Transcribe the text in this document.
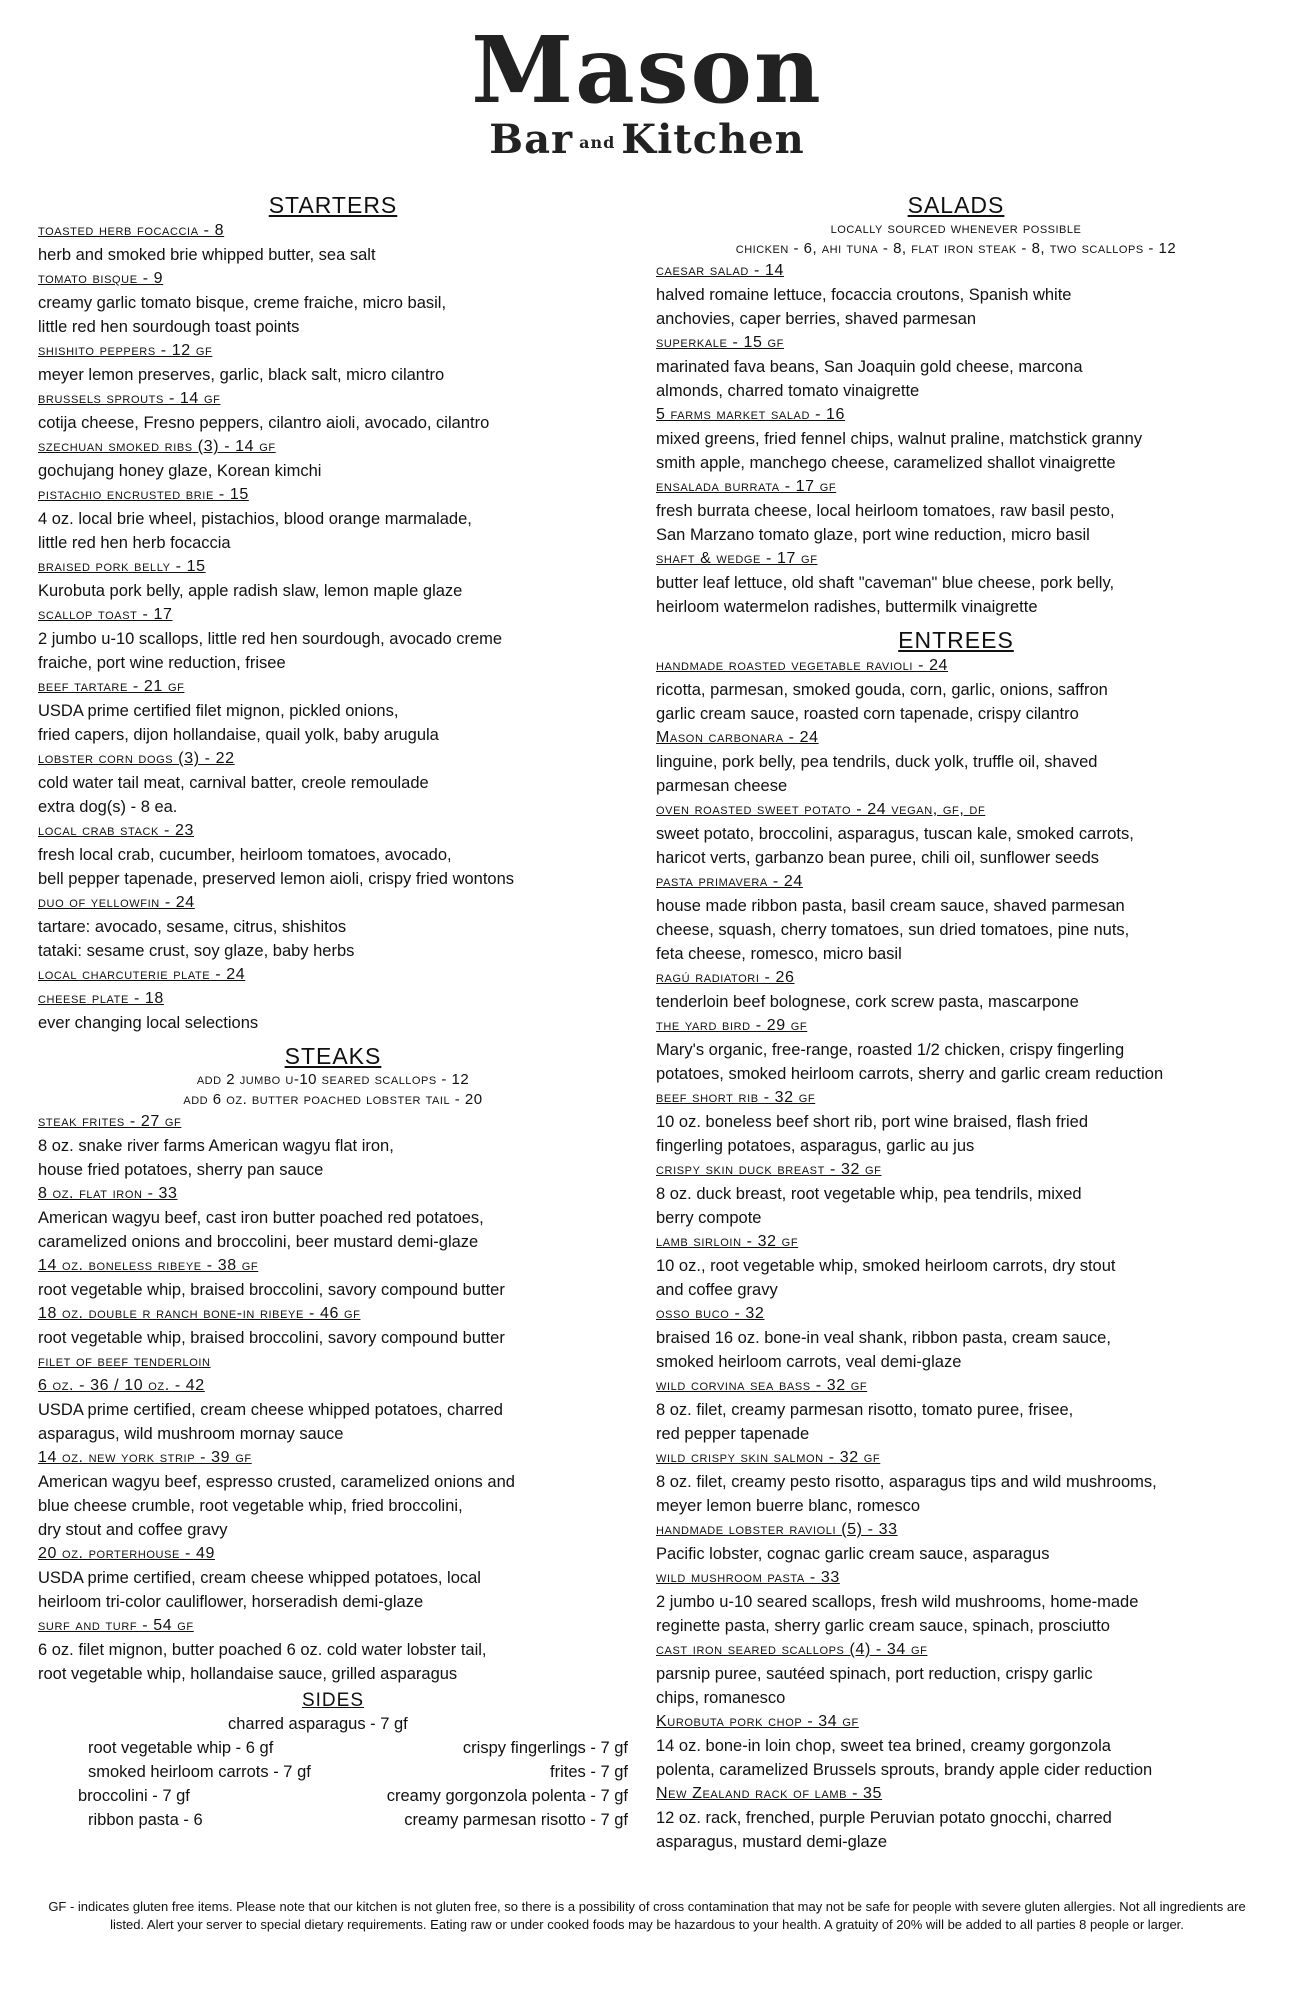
Mason
Bar and Kitchen
STARTERS
toasted herb focaccia - 8
herb and smoked brie whipped butter, sea salt
tomato bisque - 9
creamy garlic tomato bisque, creme fraiche, micro basil,
little red hen sourdough toast points
shishito peppers - 12 gf
meyer lemon preserves, garlic, black salt, micro cilantro
brussels sprouts - 14 gf
cotija cheese, Fresno peppers, cilantro aioli, avocado, cilantro
szechuan smoked ribs (3) - 14 gf
gochujang honey glaze, Korean kimchi
pistachio encrusted brie - 15
4 oz. local brie wheel, pistachios, blood orange marmalade,
little red hen herb focaccia
braised pork belly - 15
Kurobuta pork belly, apple radish slaw, lemon maple glaze
scallop toast - 17
2 jumbo u-10 scallops, little red hen sourdough, avocado creme
fraiche, port wine reduction, frisee
beef tartare - 21 gf
USDA prime certified filet mignon, pickled onions,
fried capers, dijon hollandaise, quail yolk, baby arugula
lobster corn dogs (3) - 22
cold water tail meat, carnival batter, creole remoulade
extra dog(s) - 8 ea.
local crab stack - 23
fresh local crab, cucumber, heirloom tomatoes, avocado,
bell pepper tapenade, preserved lemon aioli, crispy fried wontons
duo of yellowfin - 24
tartare: avocado, sesame, citrus, shishitos
tataki: sesame crust, soy glaze, baby herbs
local charcuterie plate - 24
cheese plate - 18
ever changing local selections
STEAKS
add 2 jumbo u-10 seared scallops - 12
add 6 oz. butter poached lobster tail - 20
steak frites - 27 gf
8 oz. snake river farms American wagyu flat iron,
house fried potatoes, sherry pan sauce
8 oz. flat iron - 33
American wagyu beef, cast iron butter poached red potatoes,
caramelized onions and broccolini, beer mustard demi-glaze
14 oz. boneless ribeye - 38 gf
root vegetable whip, braised broccolini, savory compound butter
18 oz. double r ranch bone-in ribeye - 46 gf
root vegetable whip, braised broccolini, savory compound butter
filet of beef tenderloin
6 oz. - 36 / 10 oz. - 42
USDA prime certified, cream cheese whipped potatoes, charred
asparagus, wild mushroom mornay sauce
14 oz. new york strip - 39 gf
American wagyu beef, espresso crusted, caramelized onions and
blue cheese crumble, root vegetable whip, fried broccolini,
dry stout and coffee gravy
20 oz. porterhouse - 49
USDA prime certified, cream cheese whipped potatoes, local
heirloom tri-color cauliflower, horseradish demi-glaze
surf and turf - 54 gf
6 oz. filet mignon, butter poached 6 oz. cold water lobster tail,
root vegetable whip, hollandaise sauce, grilled asparagus
SIDES
charred asparagus - 7 gf
root vegetable whip - 6 gf	crispy fingerlings - 7 gf
smoked heirloom carrots - 7 gf	frites - 7 gf
broccolini - 7 gf	creamy gorgonzola polenta - 7 gf
ribbon pasta - 6	creamy parmesan risotto - 7 gf
SALADS
locally sourced whenever possible
chicken - 6, ahi tuna - 8, flat iron steak - 8, two scallops - 12
caesar salad - 14
halved romaine lettuce, focaccia croutons, Spanish white
anchovies, caper berries, shaved parmesan
superkale - 15 gf
marinated fava beans, San Joaquin gold cheese, marcona
almonds, charred tomato vinaigrette
5 farms market salad - 16
mixed greens, fried fennel chips, walnut praline, matchstick granny
smith apple, manchego cheese, caramelized shallot vinaigrette
ensalada burrata - 17 gf
fresh burrata cheese, local heirloom tomatoes, raw basil pesto,
San Marzano tomato glaze, port wine reduction, micro basil
shaft & wedge - 17 gf
butter leaf lettuce, old shaft "caveman" blue cheese, pork belly,
heirloom watermelon radishes, buttermilk vinaigrette
ENTREES
handmade roasted vegetable ravioli - 24
ricotta, parmesan, smoked gouda, corn, garlic, onions, saffron
garlic cream sauce, roasted corn tapenade, crispy cilantro
Mason carbonara - 24
linguine, pork belly, pea tendrils, duck yolk, truffle oil, shaved
parmesan cheese
oven roasted sweet potato - 24 vegan, gf, df
sweet potato, broccolini, asparagus, tuscan kale, smoked carrots,
haricot verts, garbanzo bean puree, chili oil, sunflower seeds
pasta primavera - 24
house made ribbon pasta, basil cream sauce, shaved parmesan
cheese, squash, cherry tomatoes, sun dried tomatoes, pine nuts,
feta cheese, romesco, micro basil
ragú radiatori - 26
tenderloin beef bolognese, cork screw pasta, mascarpone
the yard bird - 29 gf
Mary's organic, free-range, roasted 1/2 chicken, crispy fingerling
potatoes, smoked heirloom carrots, sherry and garlic cream reduction
beef short rib - 32 gf
10 oz. boneless beef short rib, port wine braised, flash fried
fingerling potatoes, asparagus, garlic au jus
crispy skin duck breast - 32 gf
8 oz. duck breast, root vegetable whip, pea tendrils, mixed
berry compote
lamb sirloin - 32 gf
10 oz., root vegetable whip, smoked heirloom carrots, dry stout
and coffee gravy
osso buco - 32
braised 16 oz. bone-in veal shank, ribbon pasta, cream sauce,
smoked heirloom carrots, veal demi-glaze
wild corvina sea bass - 32 gf
8 oz. filet, creamy parmesan risotto, tomato puree, frisee,
red pepper tapenade
wild crispy skin salmon - 32 gf
8 oz. filet, creamy pesto risotto, asparagus tips and wild mushrooms,
meyer lemon buerre blanc, romesco
handmade lobster ravioli (5) - 33
Pacific lobster, cognac garlic cream sauce, asparagus
wild mushroom pasta - 33
2 jumbo u-10 seared scallops, fresh wild mushrooms, home-made
reginette pasta, sherry garlic cream sauce, spinach, prosciutto
cast iron seared scallops (4) - 34 gf
parsnip puree, sautéed spinach, port reduction, crispy garlic
chips, romanesco
Kurobuta pork chop - 34 gf
14 oz. bone-in loin chop, sweet tea brined, creamy gorgonzola
polenta, caramelized Brussels sprouts, brandy apple cider reduction
New Zealand rack of lamb - 35
12 oz. rack, frenched, purple Peruvian potato gnocchi, charred
asparagus, mustard demi-glaze
GF - indicates gluten free items. Please note that our kitchen is not gluten free, so there is a possibility of cross contamination that may not be safe for people with severe gluten allergies. Not all ingredients are listed. Alert your server to special dietary requirements. Eating raw or under cooked foods may be hazardous to your health. A gratuity of 20% will be added to all parties 8 people or larger.
